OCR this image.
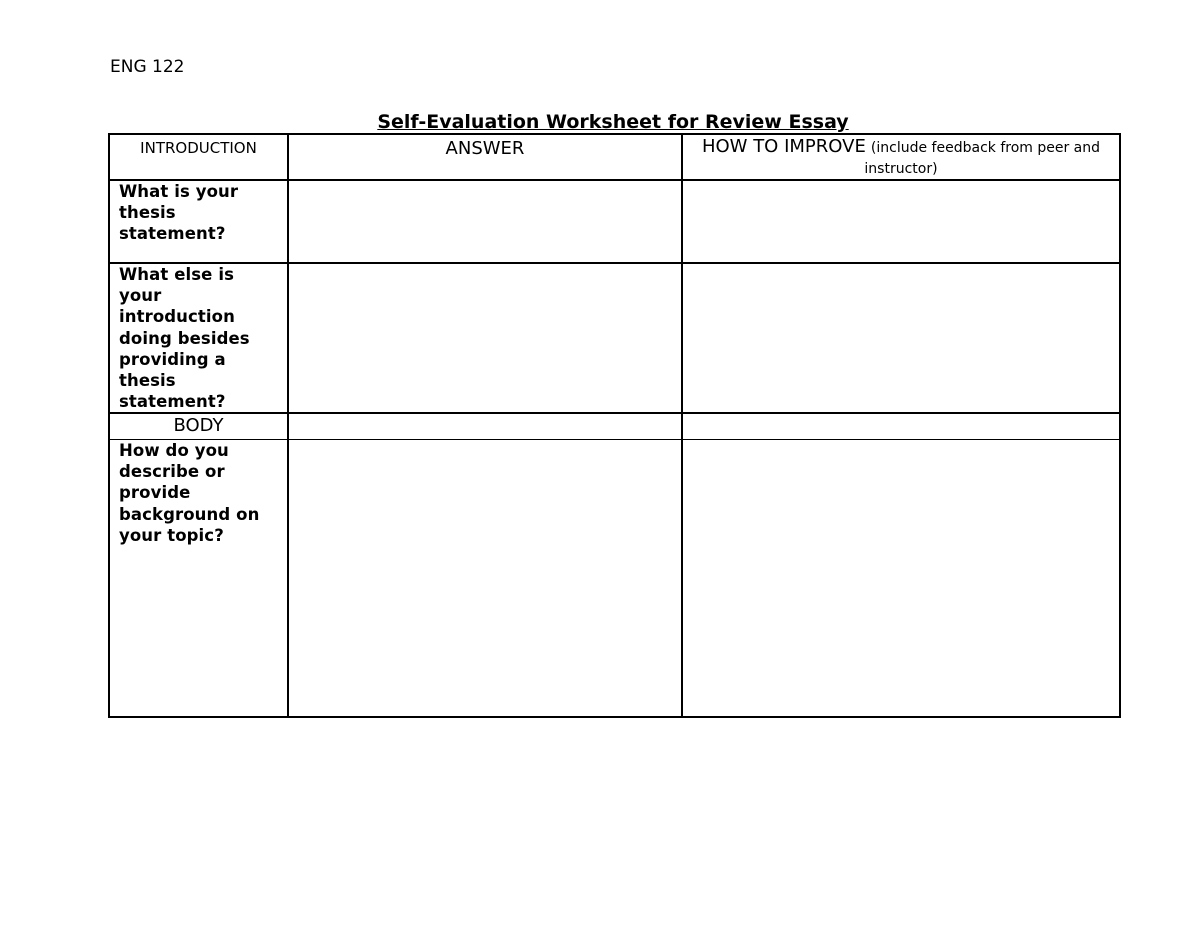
ENG 122
Self-Evaluation Worksheet for Review Essay
INTRODUCTION	ANSWER	HOW TO IMPROVE (include feedback from peer and instructor)

What is your thesis statement?		

What else is your introduction doing besides providing a thesis statement?		

BODY		

How do you describe or provide background on your topic?		
